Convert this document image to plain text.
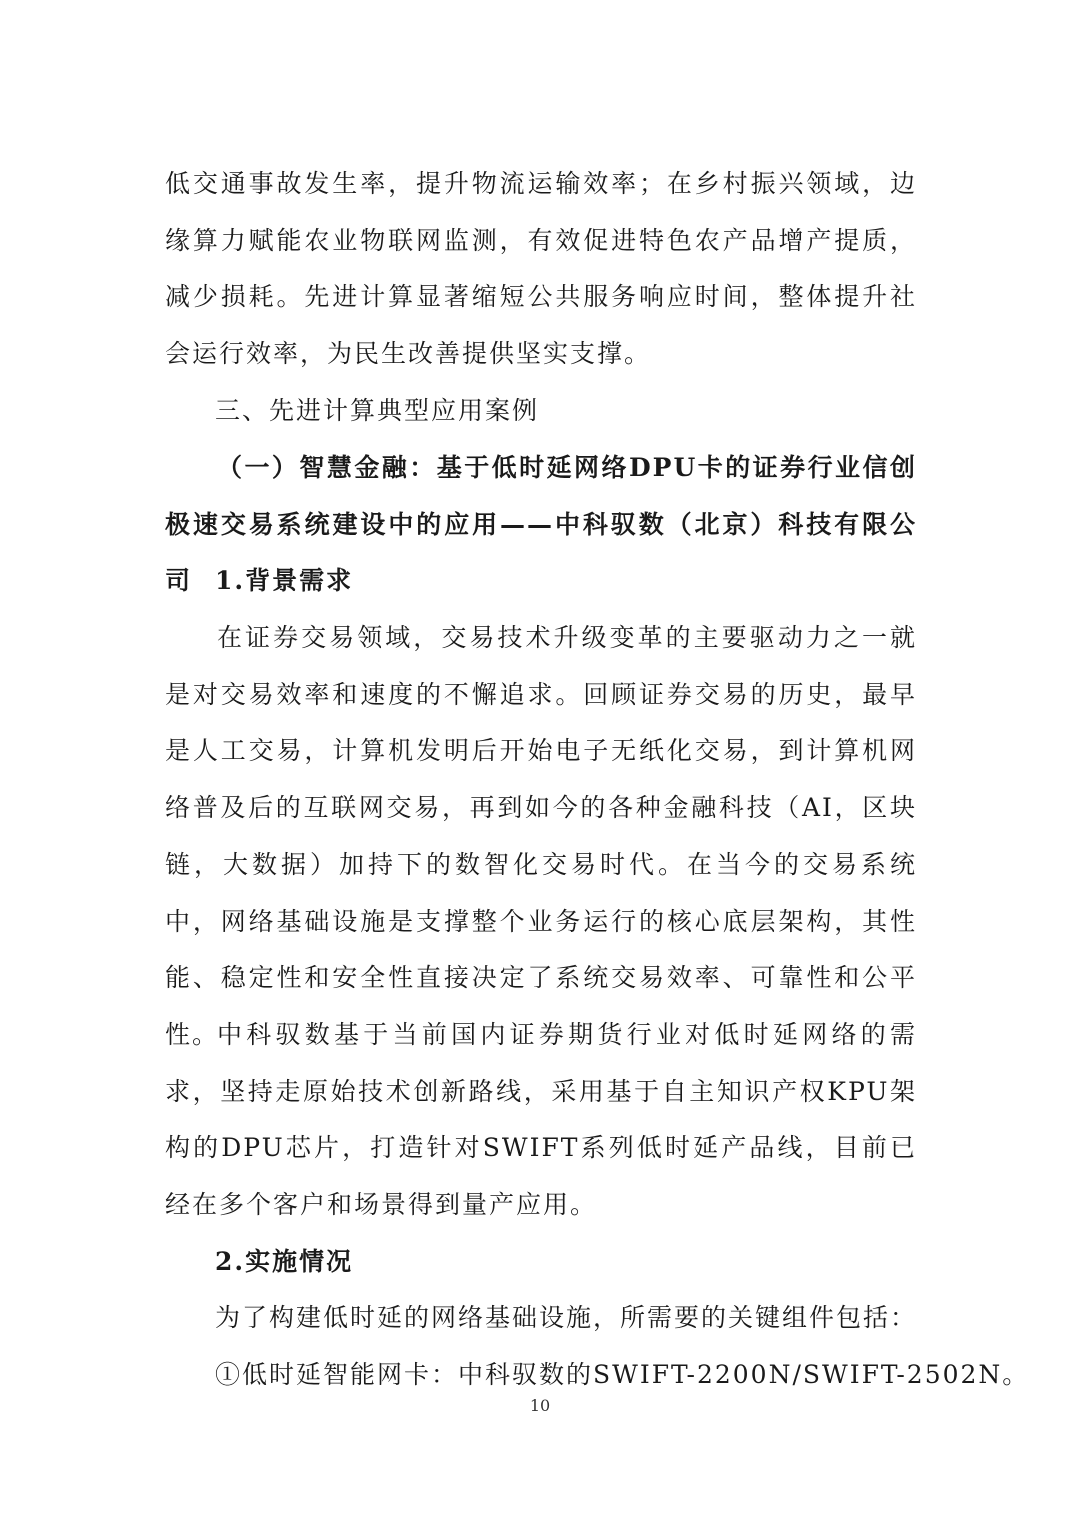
低交通事故发生率，提升物流运输效率；在乡村振兴领域，边缘算力赋能农业物联网监测，有效促进特色农产品增产提质，减少损耗。先进计算显著缩短公共服务响应时间，整体提升社会运行效率，为民生改善提供坚实支撑。
三、先进计算典型应用案例
（一）智慧金融：基于低时延网络DPU卡的证券行业信创极速交易系统建设中的应用——中科驭数（北京）科技有限公司 1.背景需求
在证券交易领域，交易技术升级变革的主要驱动力之一就是对交易效率和速度的不懈追求。回顾证券交易的历史，最早是人工交易，计算机发明后开始电子无纸化交易，到计算机网络普及后的互联网交易，再到如今的各种金融科技（AI，区块链，大数据）加持下的数智化交易时代。在当今的交易系统中，网络基础设施是支撑整个业务运行的核心底层架构，其性能、稳定性和安全性直接决定了系统交易效率、可靠性和公平性。
中科驭数基于当前国内证券期货行业对低时延网络的需求，坚持走原始技术创新路线，采用基于自主知识产权KPU架构的DPU芯片，打造针对SWIFT系列低时延产品线，目前已经在多个客户和场景得到量产应用。
2.实施情况
为了构建低时延的网络基础设施，所需要的关键组件包括：
①低时延智能网卡：中科驭数的SWIFT-2200N/SWIFT-2502N。
10
